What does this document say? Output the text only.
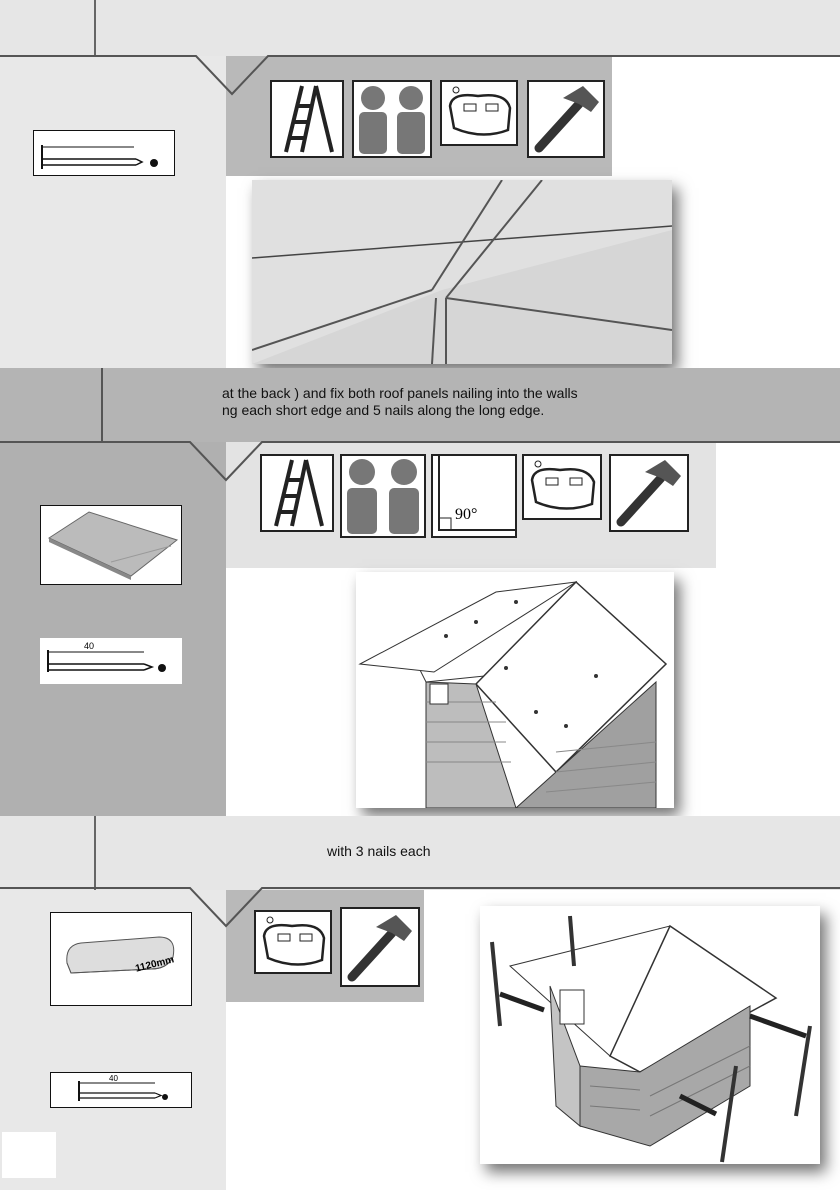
at the back ) and fix both roof panels nailing into the walls
ng each short edge and 5 nails along the long edge.
40
90°
with 3 nails each
1120mm
40
